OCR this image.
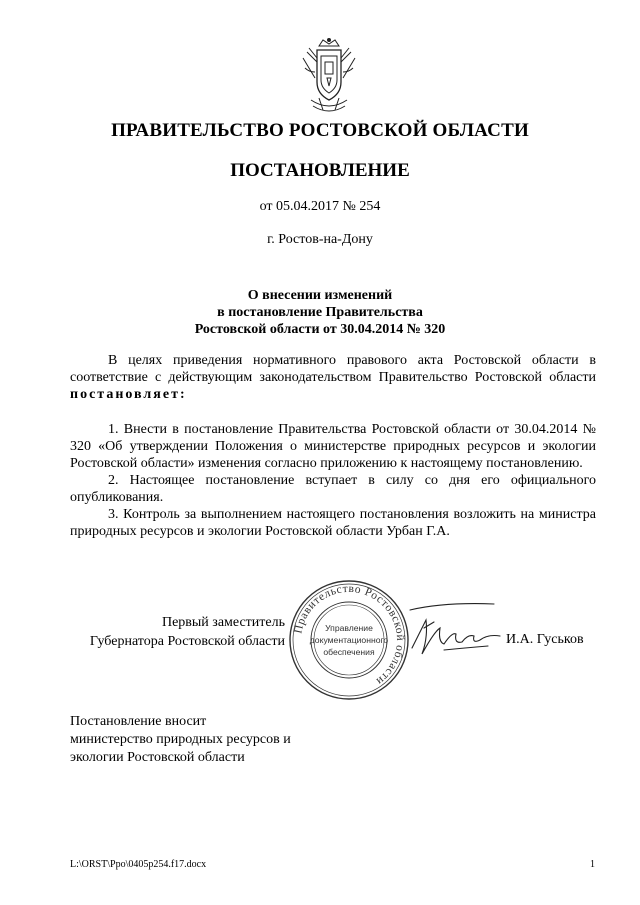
ПРАВИТЕЛЬСТВО РОСТОВСКОЙ ОБЛАСТИ
ПОСТАНОВЛЕНИЕ
от 05.04.2017 № 254
г. Ростов-на-Дону
О внесении изменений
в постановление Правительства
Ростовской области от 30.04.2014 № 320

В целях приведения нормативного правового акта Ростовской области в соответствие с действующим законодательством Правительство Ростовской области постановляет:

1. Внести в постановление Правительства Ростовской области от 30.04.2014 № 320 «Об утверждении Положения о министерстве природных ресурсов и экологии Ростовской области» изменения согласно приложению к настоящему постановлению.

2. Настоящее постановление вступает в силу со дня его официального опубликования.

3. Контроль за выполнением настоящего постановления возложить на министра природных ресурсов и экологии Ростовской области Урбан Г.А.

Первый заместитель
Губернатора Ростовской области
Правительство Ростовской области
Управление
документационного
обеспечения
И.А. Гуськов
Постановление вносит
министерство природных ресурсов и
экологии Ростовской области
L:\ORST\Ppo\0405p254.f17.docx	1
